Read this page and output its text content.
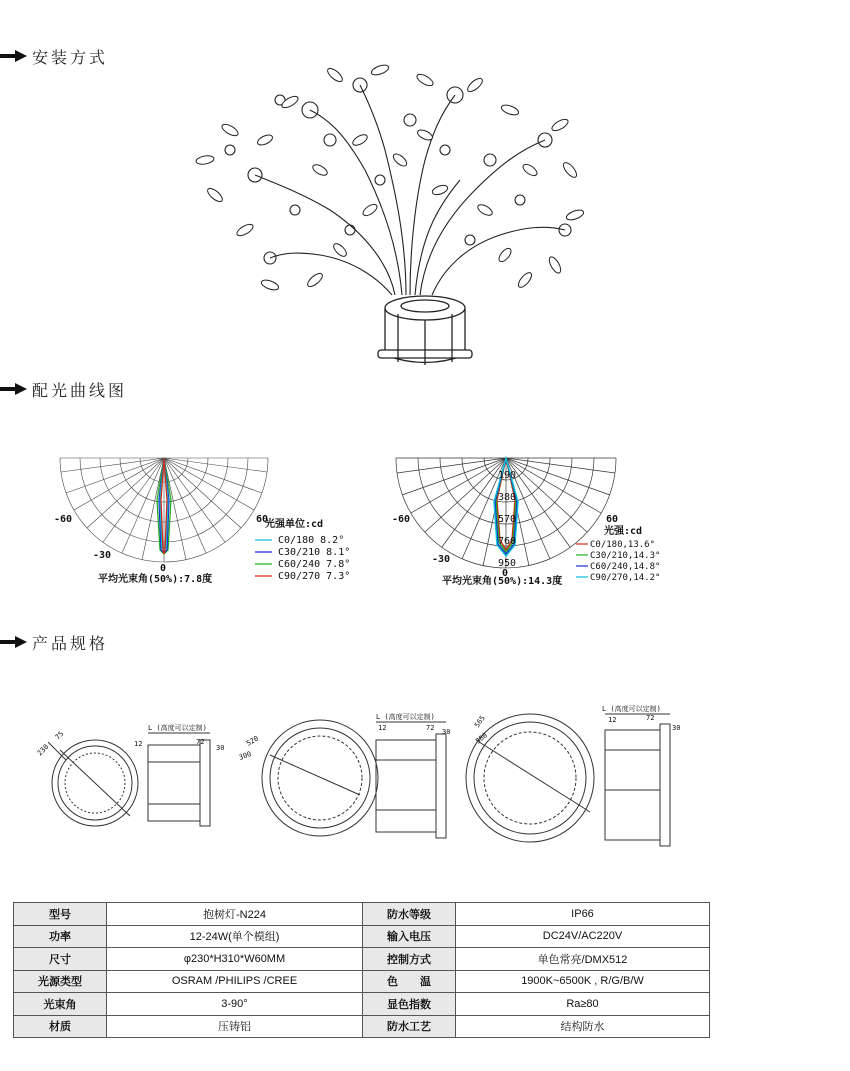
安装方式
配光曲线图
-60	60
-30
0
光强单位:cd
C0/180 8.2°
C30/210 8.1°
C60/240 7.8°
C90/270 7.3°
平均光束角(50%):7.8度
190
380
570
760
950
-60	60
-30
0
光强:cd
C0/180,13.6°
C30/210,14.3°
C60/240,14.8°
C90/270,14.2°
平均光束角(50%):14.3度
产品规格
230
75
L (高度可以定制)
12	72
30
520
300
L (高度可以定制)
12	72 30
565
380
L (高度可以定制)
12	72
30
型号	抱树灯-N224	防水等级	IP66
功率	12-24W(单个模组)	输入电压	DC24V/AC220V
尺寸	φ230*H310*W60MM	控制方式	单色常亮/DMX512
光源类型	OSRAM /PHILIPS /CREE	色　　温	1900K~6500K , R/G/B/W
光束角	3-90°	显色指数	Ra≥80
材质	压铸铝	防水工艺	结构防水
